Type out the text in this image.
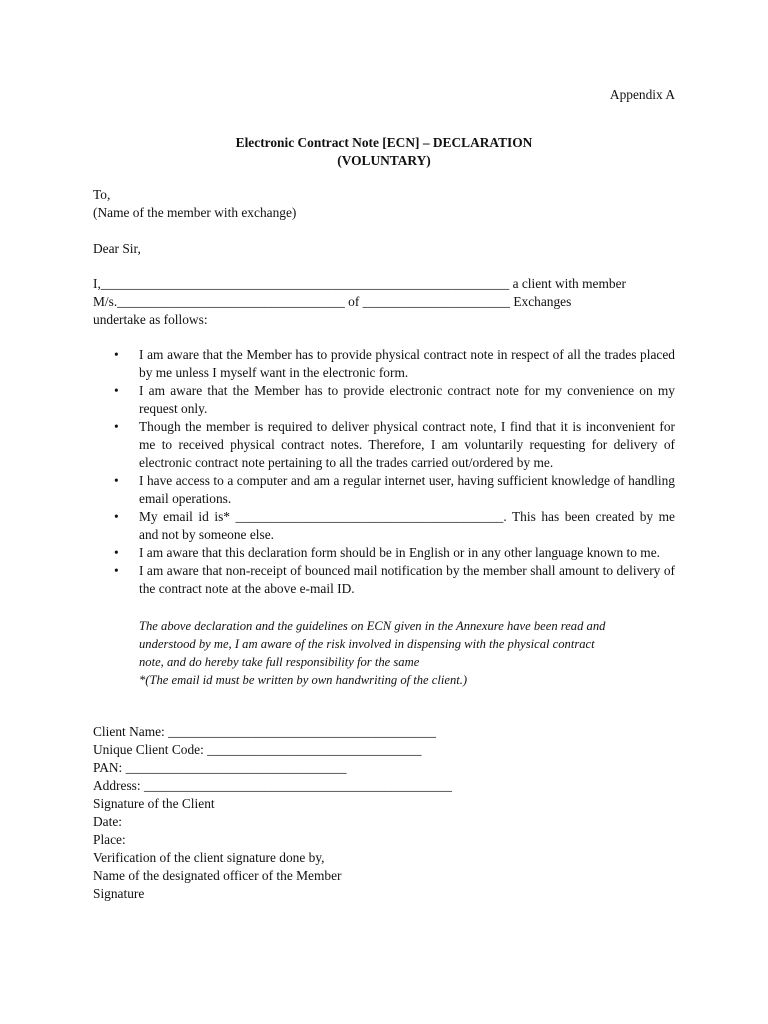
Appendix A
Electronic Contract Note [ECN] – DECLARATION
(VOLUNTARY)
To,
(Name of the member with exchange)
Dear Sir,
I,_____________________________________________________________ a client with member
M/s.__________________________________ of ______________________ Exchanges
undertake as follows:
• I am aware that the Member has to provide physical contract note in respect of all the trades placed by me unless I myself want in the electronic form.
• I am aware that the Member has to provide electronic contract note for my convenience on my request only.
• Though the member is required to deliver physical contract note, I find that it is inconvenient for me to received physical contract notes. Therefore, I am voluntarily requesting for delivery of electronic contract note pertaining to all the trades carried out/ordered by me.
• I have access to a computer and am a regular internet user, having sufficient knowledge of handling email operations.
• My email id is* ________________________________________. This has been created by me and not by someone else.
• I am aware that this declaration form should be in English or in any other language known to me.
• I am aware that non-receipt of bounced mail notification by the member shall amount to delivery of the contract note at the above e-mail ID.
The above declaration and the guidelines on ECN given in the Annexure have been read and
understood by me, I am aware of the risk involved in dispensing with the physical contract
note, and do hereby take full responsibility for the same
*(The email id must be written by own handwriting of the client.)
Client Name: ________________________________________
Unique Client Code: ________________________________
PAN: _________________________________
Address: ______________________________________________
Signature of the Client
Date:
Place:
Verification of the client signature done by,
Name of the designated officer of the Member
Signature
